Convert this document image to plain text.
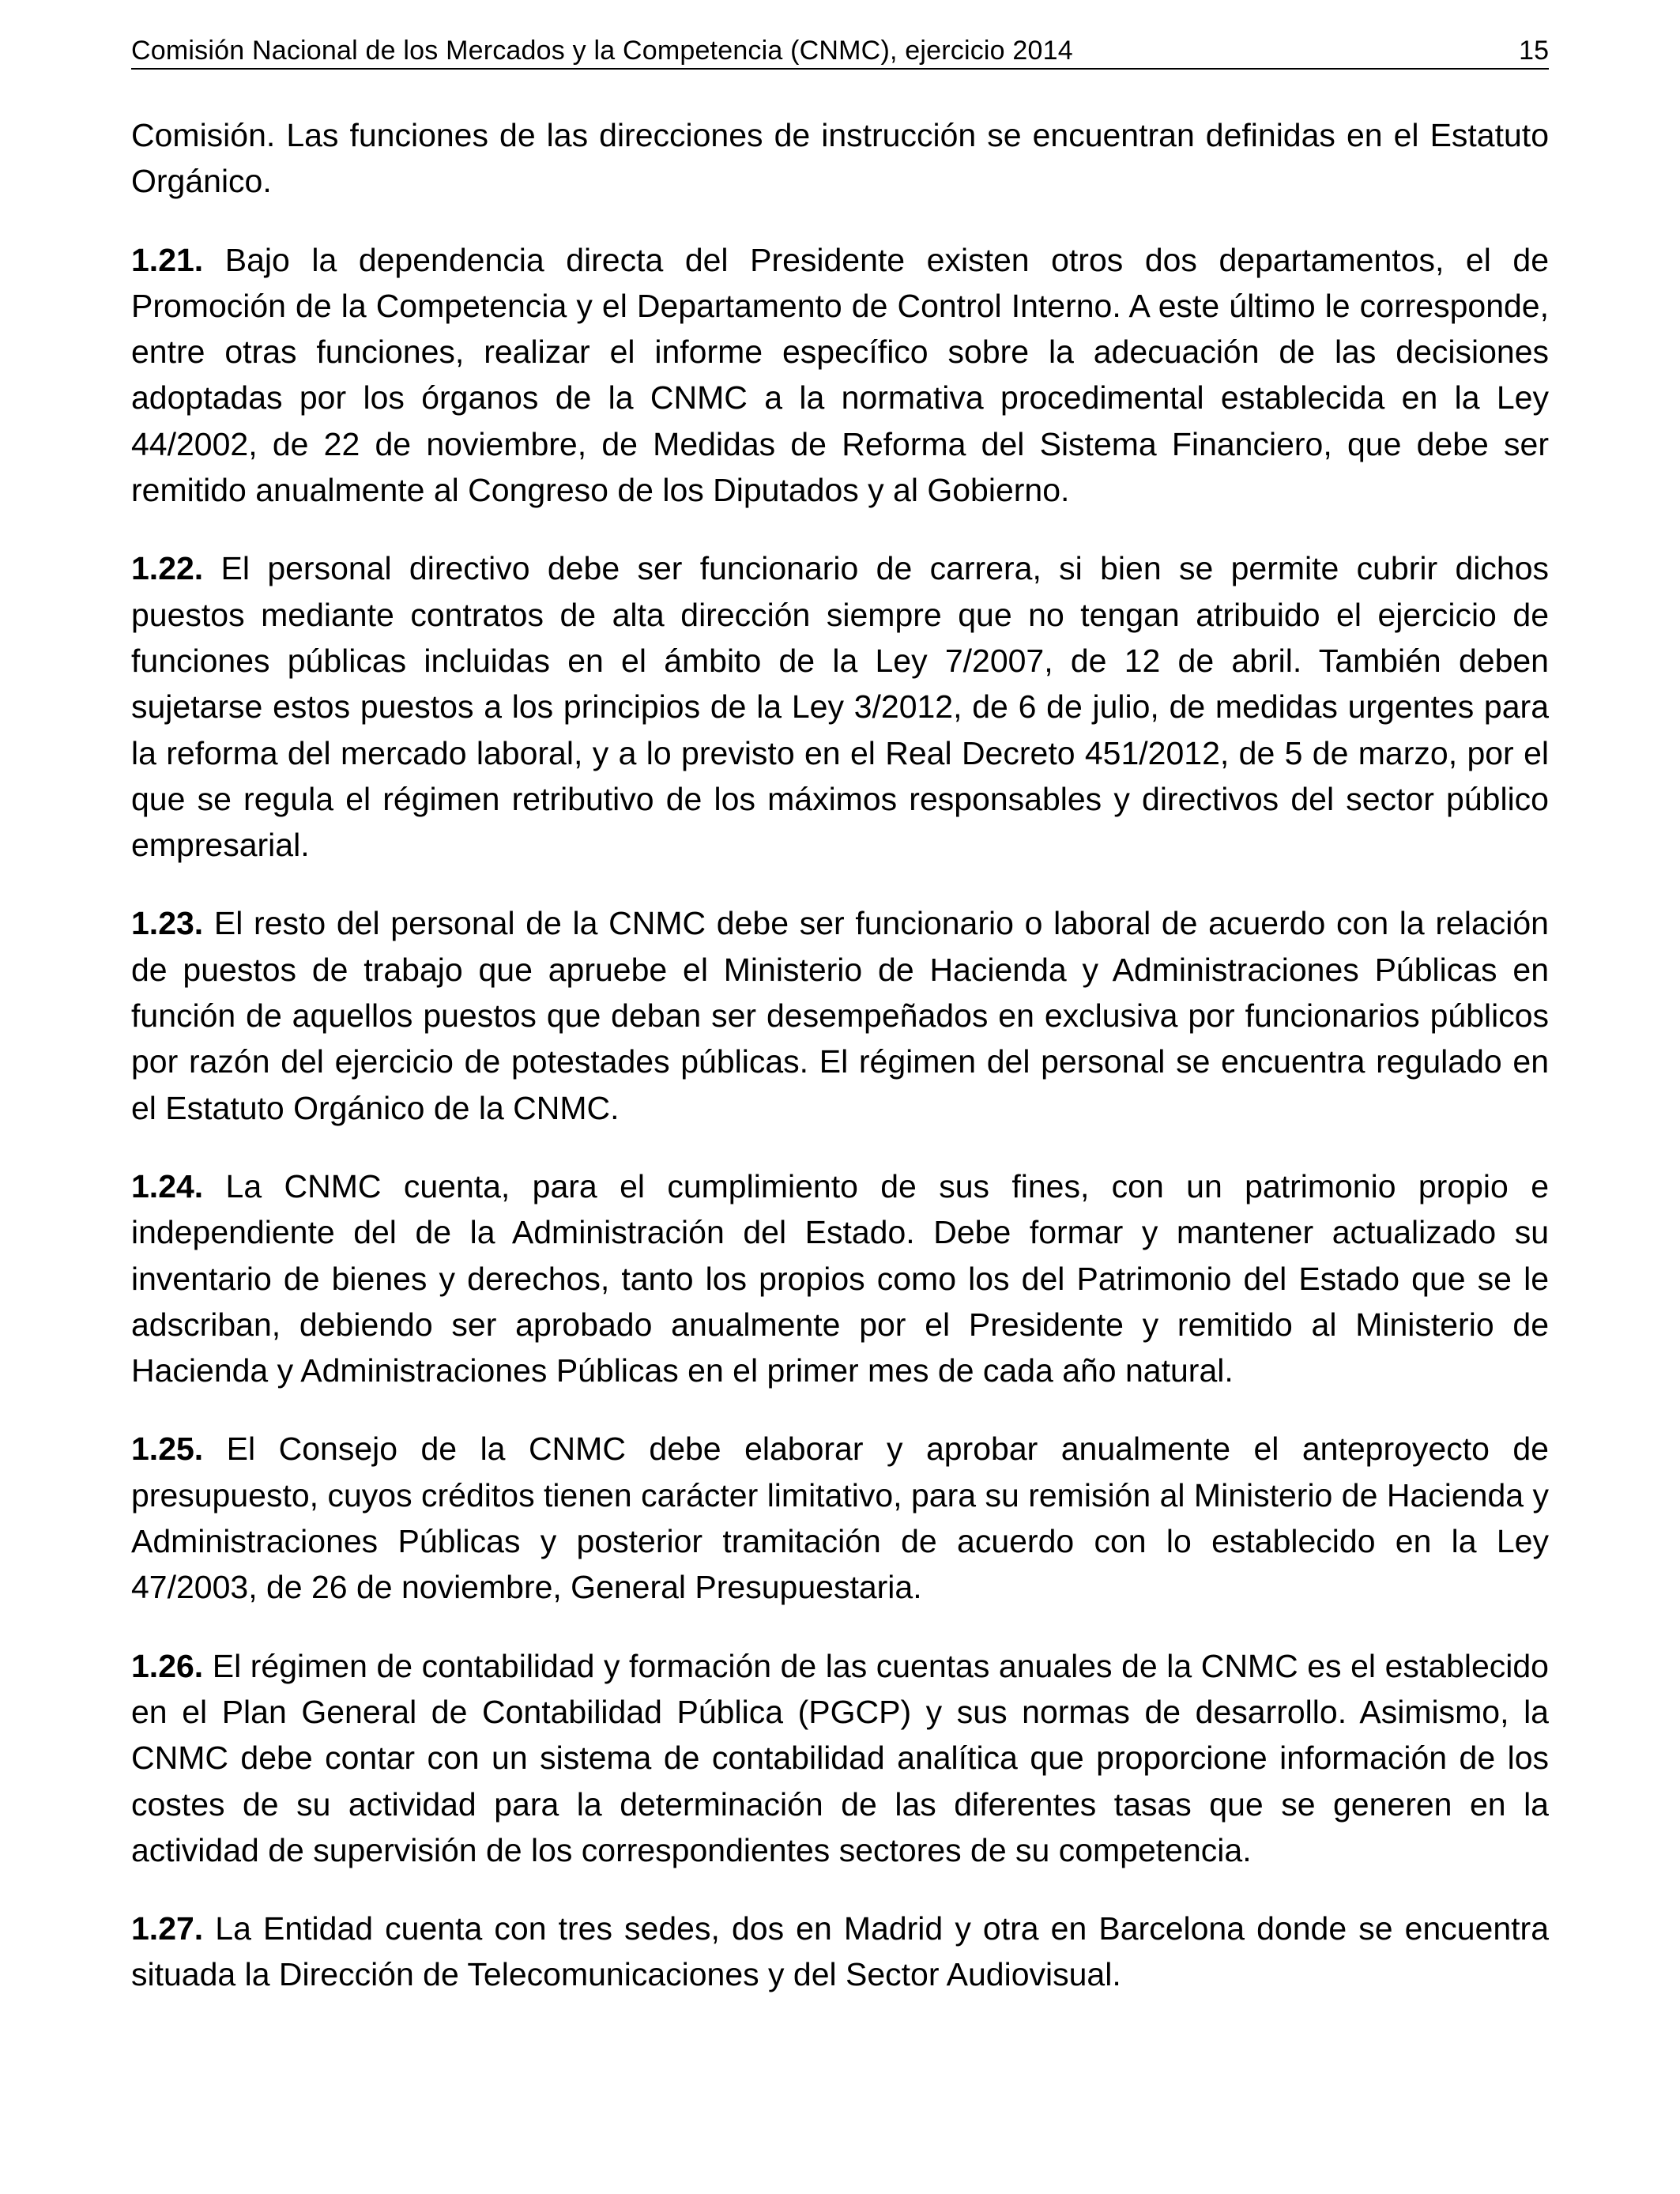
Comisión Nacional de los Mercados y la Competencia (CNMC), ejercicio 2014	15

Comisión. Las funciones de las direcciones de instrucción se encuentran definidas en el Estatuto Orgánico.

1.21. Bajo la dependencia directa del Presidente existen otros dos departamentos, el de Promoción de la Competencia y el Departamento de Control Interno. A este último le corresponde, entre otras funciones, realizar el informe específico sobre la adecuación de las decisiones adoptadas por los órganos de la CNMC a la normativa procedimental establecida en la Ley 44/2002, de 22 de noviembre, de Medidas de Reforma del Sistema Financiero, que debe ser remitido anualmente al Congreso de los Diputados y al Gobierno.

1.22. El personal directivo debe ser funcionario de carrera, si bien se permite cubrir dichos puestos mediante contratos de alta dirección siempre que no tengan atribuido el ejercicio de funciones públicas incluidas en el ámbito de la Ley 7/2007, de 12 de abril. También deben sujetarse estos puestos a los principios de la Ley 3/2012, de 6 de julio, de medidas urgentes para la reforma del mercado laboral, y a lo previsto en el Real Decreto 451/2012, de 5 de marzo, por el que se regula el régimen retributivo de los máximos responsables y directivos del sector público empresarial.

1.23. El resto del personal de la CNMC debe ser funcionario o laboral de acuerdo con la relación de puestos de trabajo que apruebe el Ministerio de Hacienda y Administraciones Públicas en función de aquellos puestos que deban ser desempeñados en exclusiva por funcionarios públicos por razón del ejercicio de potestades públicas. El régimen del personal se encuentra regulado en el Estatuto Orgánico de la CNMC.

1.24. La CNMC cuenta, para el cumplimiento de sus fines, con un patrimonio propio e independiente del de la Administración del Estado. Debe formar y mantener actualizado su inventario de bienes y derechos, tanto los propios como los del Patrimonio del Estado que se le adscriban, debiendo ser aprobado anualmente por el Presidente y remitido al Ministerio de Hacienda y Administraciones Públicas en el primer mes de cada año natural.

1.25. El Consejo de la CNMC debe elaborar y aprobar anualmente el anteproyecto de presupuesto, cuyos créditos tienen carácter limitativo, para su remisión al Ministerio de Hacienda y Administraciones Públicas y posterior tramitación de acuerdo con lo establecido en la Ley 47/2003, de 26 de noviembre, General Presupuestaria.

1.26. El régimen de contabilidad y formación de las cuentas anuales de la CNMC es el establecido en el Plan General de Contabilidad Pública (PGCP) y sus normas de desarrollo. Asimismo, la CNMC debe contar con un sistema de contabilidad analítica que proporcione información de los costes de su actividad para la determinación de las diferentes tasas que se generen en la actividad de supervisión de los correspondientes sectores de su competencia.

1.27. La Entidad cuenta con tres sedes, dos en Madrid y otra en Barcelona donde se encuentra situada la Dirección de Telecomunicaciones y del Sector Audiovisual.
